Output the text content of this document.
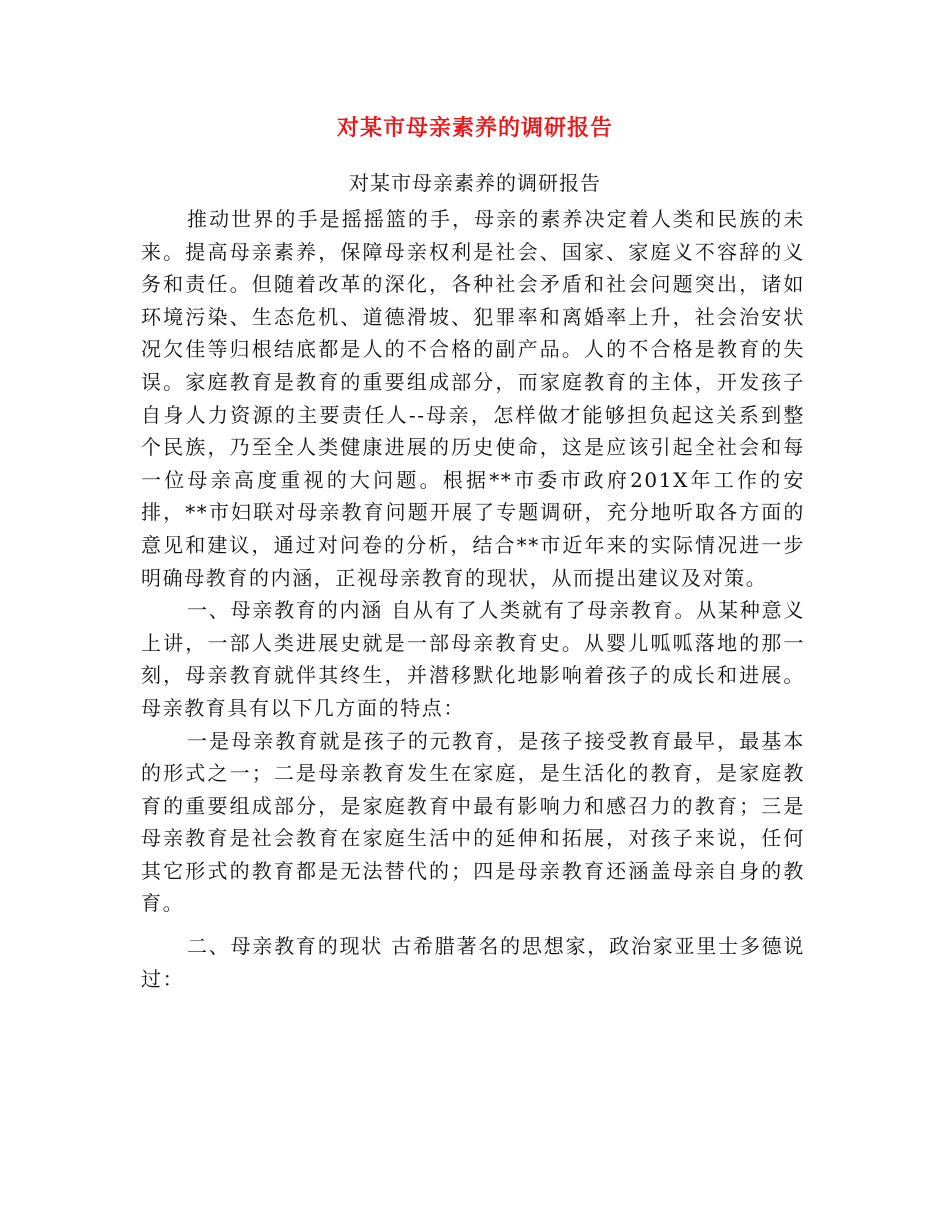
对某市母亲素养的调研报告
对某市母亲素养的调研报告

推动世界的手是摇摇篮的手，母亲的素养决定着人类和民族的未来。提高母亲素养，保障母亲权利是社会、国家、家庭义不容辞的义务和责任。但随着改革的深化，各种社会矛盾和社会问题突出，诸如环境污染、生态危机、道德滑坡、犯罪率和离婚率上升，社会治安状况欠佳等归根结底都是人的不合格的副产品。人的不合格是教育的失误。家庭教育是教育的重要组成部分，而家庭教育的主体，开发孩子自身人力资源的主要责任人--母亲，怎样做才能够担负起这关系到整个民族，乃至全人类健康进展的历史使命，这是应该引起全社会和每一位母亲高度重视的大问题。根据**市委市政府201X年工作的安排，**市妇联对母亲教育问题开展了专题调研，充分地听取各方面的意见和建议，通过对问卷的分析，结合**市近年来的实际情况进一步明确母教育的内涵，正视母亲教育的现状，从而提出建议及对策。

一、母亲教育的内涵 自从有了人类就有了母亲教育。从某种意义上讲，一部人类进展史就是一部母亲教育史。从婴儿呱呱落地的那一刻，母亲教育就伴其终生，并潜移默化地影响着孩子的成长和进展。母亲教育具有以下几方面的特点：

一是母亲教育就是孩子的元教育，是孩子接受教育最早，最基本的形式之一；二是母亲教育发生在家庭，是生活化的教育，是家庭教育的重要组成部分，是家庭教育中最有影响力和感召力的教育；三是母亲教育是社会教育在家庭生活中的延伸和拓展，对孩子来说，任何其它形式的教育都是无法替代的；四是母亲教育还涵盖母亲自身的教育。

二、母亲教育的现状 古希腊著名的思想家，政治家亚里士多德说过：
